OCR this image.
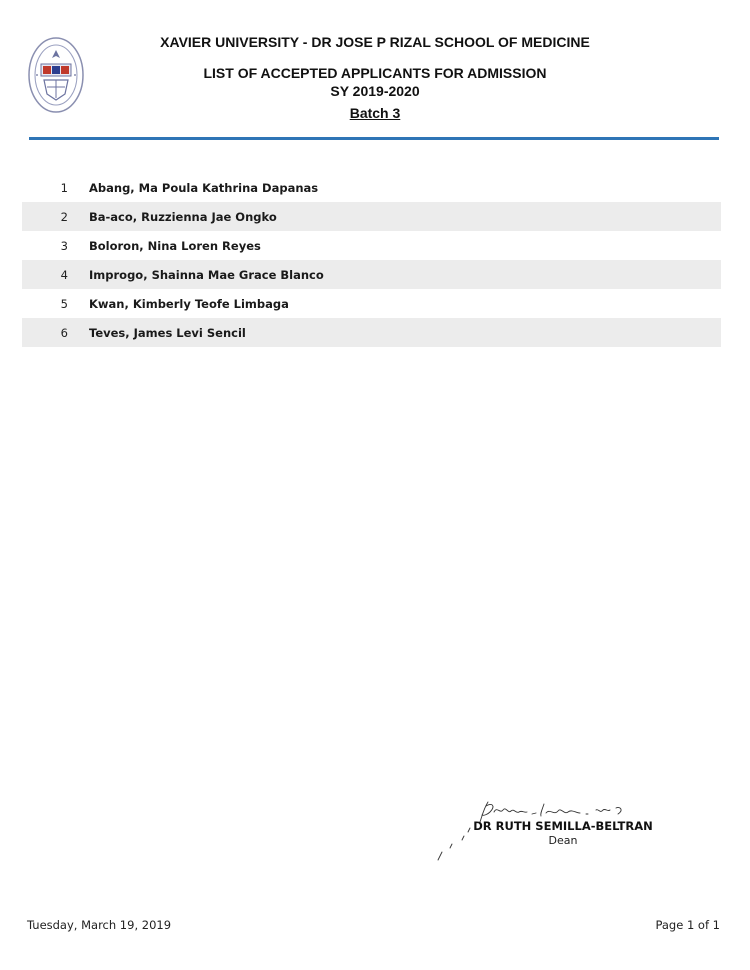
XAVIER UNIVERSITY - DR JOSE P RIZAL SCHOOL OF MEDICINE

LIST OF ACCEPTED APPLICANTS FOR ADMISSION

SY 2019-2020

Batch 3

1	Abang, Ma Poula Kathrina Dapanas
2	Ba-aco, Ruzzienna Jae Ongko
3	Boloron, Nina Loren Reyes
4	Improgo, Shainna Mae Grace Blanco
5	Kwan, Kimberly Teofe Limbaga
6	Teves, James Levi Sencil
DR RUTH SEMILLA-BELTRAN
Dean
Tuesday, March 19, 2019	Page 1 of 1
